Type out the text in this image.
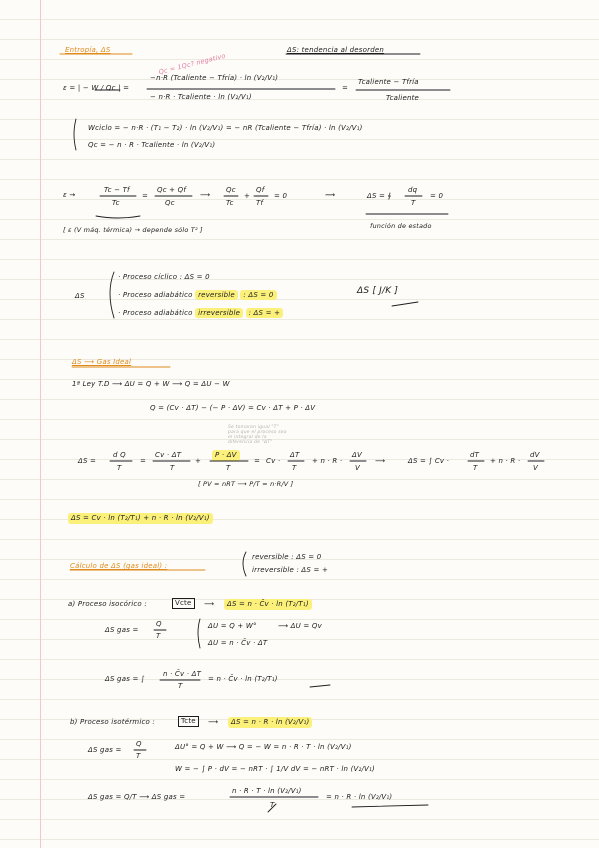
Entropía, ΔS	ΔS: tendencia al desorden
Qc = 1Qc? negativo
ε = | − W / Qc | =
−n·R (Tcaliente − Tfría) · ln (V₂/V₁)
− n·R · Tcaliente · ln (V₂/V₁)
=
Tcaliente − Tfría
Tcaliente
Wciclo = − n·R · (T₁ − T₂) · ln (V₂/V₁) = − nR (Tcaliente − Tfría) · ln (V₂/V₁)
Qc = − n · R · Tcaliente · ln (V₂/V₁)
ε →
Tc − Tf
Tc
=
Qc + Qf
Qc
⟶
Qc
Tc
+
Qf
Tf
= 0	⟿	ΔS = ∮
dq
T
= 0
[ ε (V máq. térmica) → depende sólo T² ]	función de estado
ΔS
· Proceso cíclico : ΔS = 0
· Proceso adiabático reversible : ΔS = 0
· Proceso adiabático irreversible : ΔS = +
ΔS [ J/K ]
ΔS ⟶ Gas Ideal
1ª Ley T.D ⟶ ΔU = Q + W ⟶ Q = ΔU − W
Q = (Cv · ΔT) − (− P · ΔV) = Cv · ΔT + P · ΔV
Se tomaron igual "T" para que el proceso sea el integral de la diferencia de "ΔT"
ΔS =
d Q
T
=
Cv · ΔT
T
+
P · ΔV
T
= Cv ·
ΔT
T
+ n · R ·
ΔV
V
⟶	ΔS = ∫ Cv ·
dT
T
+ n · R ·
dV
V
[ PV = nRT ⟶ P/T = n·R/V ]
ΔS = Cv · ln (T₂/T₁) + n · R · ln (V₂/V₁)
Cálculo de ΔS (gas ideal) :
reversible : ΔS = 0
irreversible : ΔS = +
a) Proceso isocórico :	Vcte	⟶	ΔS = n · C̄v · ln (T₂/T₁)
ΔS gas =
Q
T
ΔU = Q + W°	⟶ ΔU = Qv
ΔU = n · C̄v · ΔT
ΔS gas = ∫
n · C̄v · ΔT
T
= n · C̄v · ln (T₂/T₁)
b) Proceso isotérmico :	Tcte	⟶	ΔS = n · R · ln (V₂/V₁)
ΔS gas =
Q
T
ΔU° = Q + W ⟶ Q = − W = n · R · T · ln (V₂/V₁)
W = − ∫ P · dV = − nRT · ∫ 1/V dV = − nRT · ln (V₂/V₁)
ΔS gas = Q/T ⟶ ΔS gas =
n · R · T · ln (V₂/V₁)
T
= n · R · ln (V₂/V₁)
